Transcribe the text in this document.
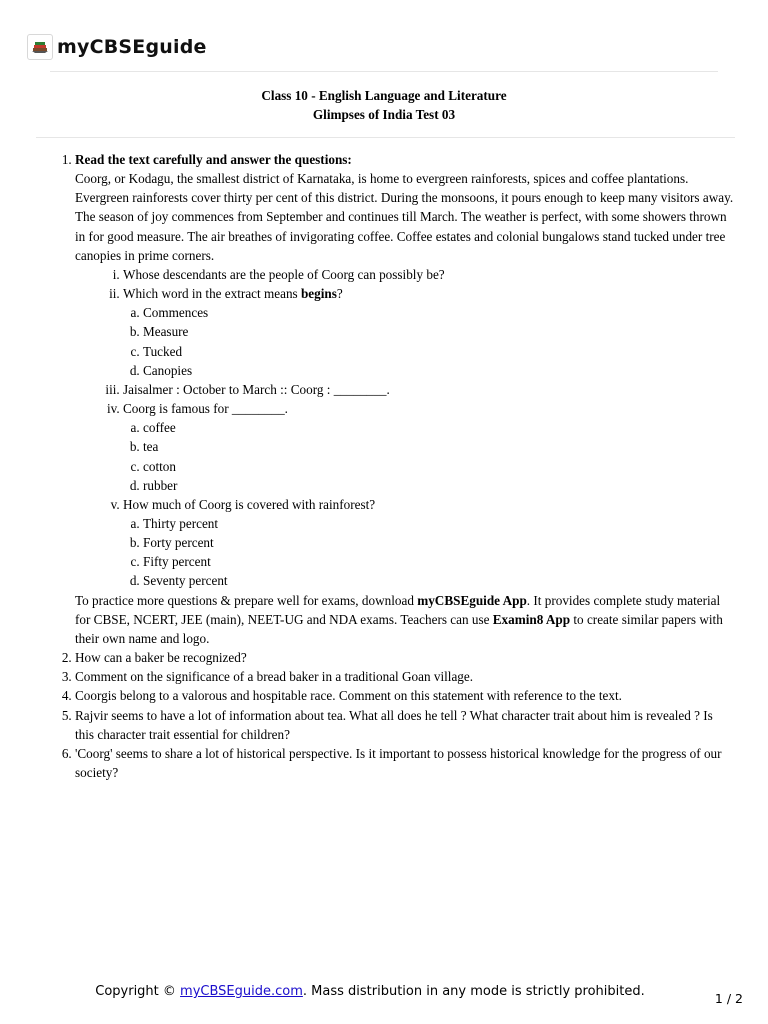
myCBSEguide
Class 10 - English Language and Literature
Glimpses of India Test 03
1. Read the text carefully and answer the questions:

Coorg, or Kodagu, the smallest district of Karnataka, is home to evergreen rainforests, spices and coffee plantations. Evergreen rainforests cover thirty per cent of this district. During the monsoons, it pours enough to keep many visitors away. The season of joy commences from September and continues till March. The weather is perfect, with some showers thrown in for good measure. The air breathes of invigorating coffee. Coffee estates and colonial bungalows stand tucked under tree canopies in prime corners.

i. Whose descendants are the people of Coorg can possibly be?
ii. Which word in the extract means begins?
a. Commences
b. Measure
c. Tucked
d. Canopies
iii. Jaisalmer : October to March :: Coorg : ________.
iv. Coorg is famous for ________.
a. coffee
b. tea
c. cotton
d. rubber
v. How much of Coorg is covered with rainforest?
a. Thirty percent
b. Forty percent
c. Fifty percent
d. Seventy percent

To practice more questions & prepare well for exams, download myCBSEguide App. It provides complete study material for CBSE, NCERT, JEE (main), NEET-UG and NDA exams. Teachers can use Examin8 App to create similar papers with their own name and logo.

2. How can a baker be recognized?
3. Comment on the significance of a bread baker in a traditional Goan village.
4. Coorgis belong to a valorous and hospitable race. Comment on this statement with reference to the text.
5. Rajvir seems to have a lot of information about tea. What all does he tell ? What character trait about him is revealed ? Is this character trait essential for children?
6. 'Coorg' seems to share a lot of historical perspective. Is it important to possess historical knowledge for the progress of our society?
Copyright © myCBSEguide.com. Mass distribution in any mode is strictly prohibited.	1 / 2
